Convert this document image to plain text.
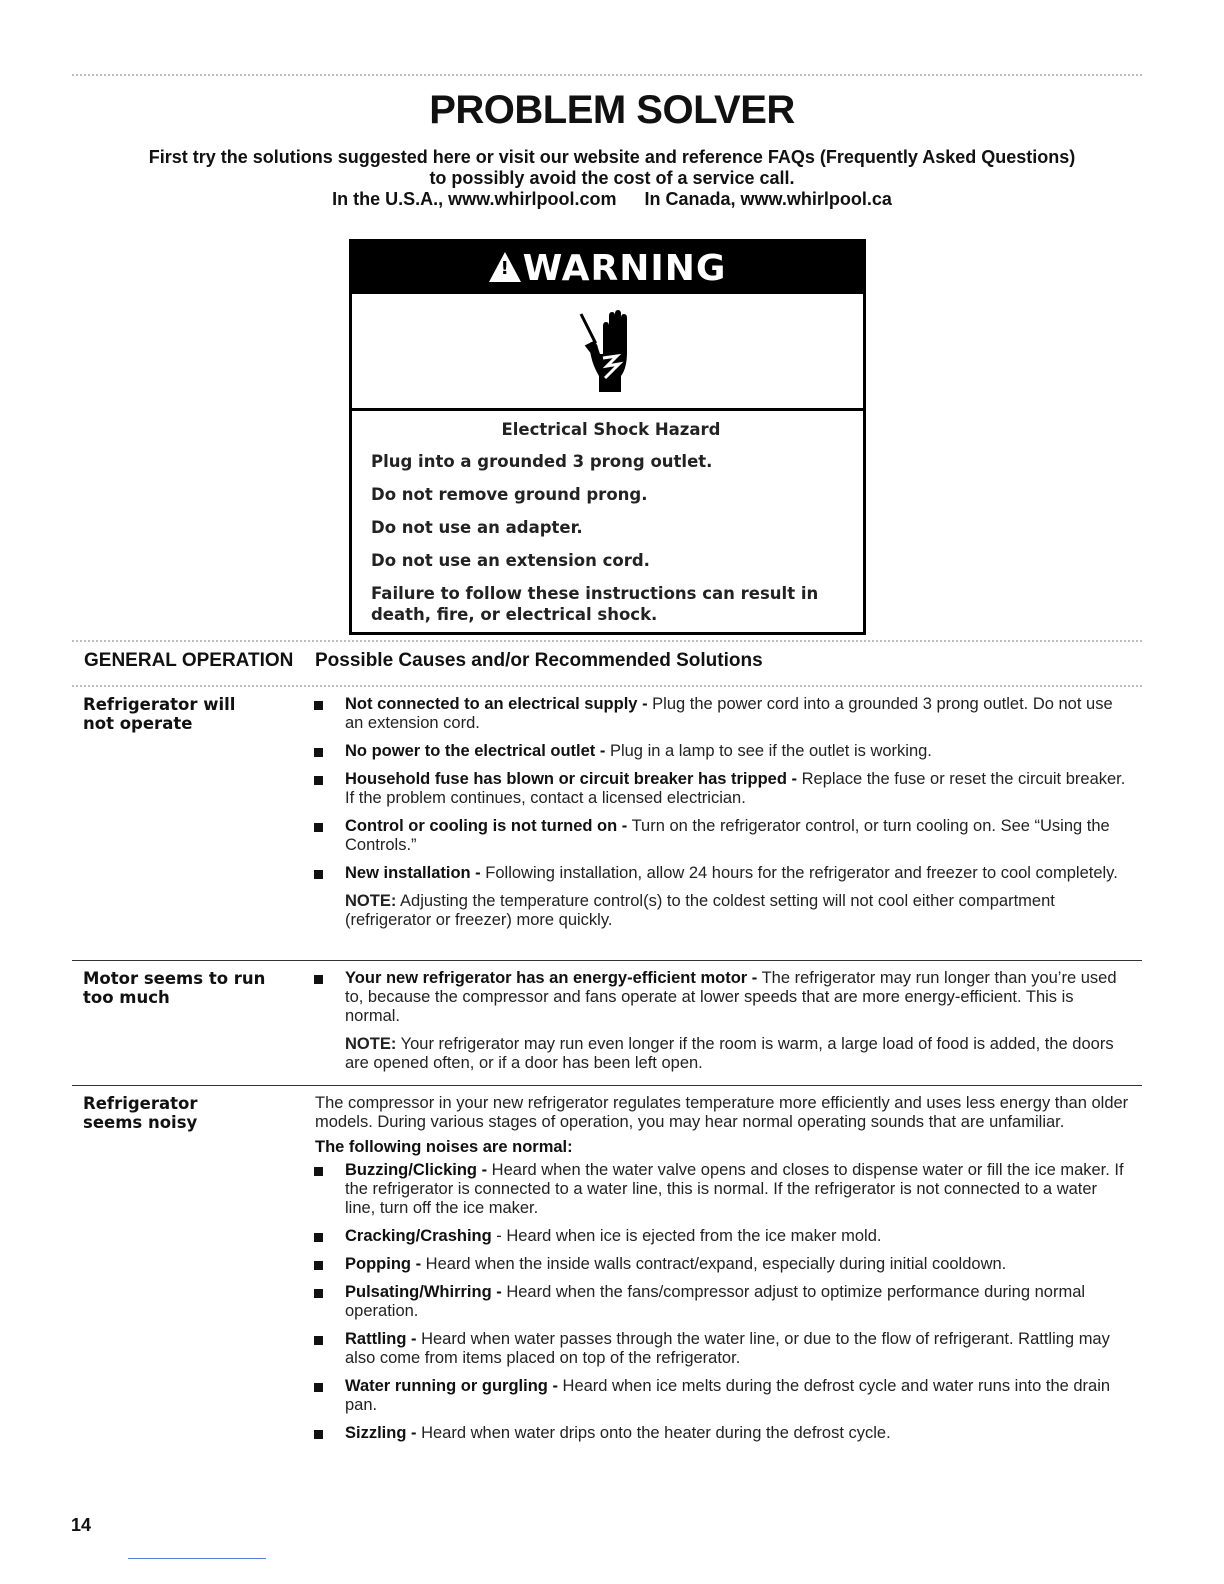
PROBLEM SOLVER
First try the solutions suggested here or visit our website and reference FAQs (Frequently Asked Questions)
to possibly avoid the cost of a service call.
In the U.S.A., www.whirlpool.com In Canada, www.whirlpool.ca
!WARNING
Electrical Shock Hazard

Plug into a grounded 3 prong outlet.

Do not remove ground prong.

Do not use an adapter.

Do not use an extension cord.

Failure to follow these instructions can result in death, fire, or electrical shock.

GENERAL OPERATION Possible Causes and/or Recommended Solutions
Refrigerator will
not operate
Not connected to an electrical supply - Plug the power cord into a grounded 3 prong outlet. Do not use an extension cord.
No power to the electrical outlet - Plug in a lamp to see if the outlet is working.
Household fuse has blown or circuit breaker has tripped - Replace the fuse or reset the circuit breaker. If the problem continues, contact a licensed electrician.
Control or cooling is not turned on - Turn on the refrigerator control, or turn cooling on. See “Using the Controls.”
New installation - Following installation, allow 24 hours for the refrigerator and freezer to cool completely.
NOTE: Adjusting the temperature control(s) to the coldest setting will not cool either compartment (refrigerator or freezer) more quickly.
Motor seems to run
too much
Your new refrigerator has an energy-efficient motor - The refrigerator may run longer than you’re used to, because the compressor and fans operate at lower speeds that are more energy-efficient. This is normal.
NOTE: Your refrigerator may run even longer if the room is warm, a large load of food is added, the doors are opened often, or if a door has been left open.
Refrigerator
seems noisy
The compressor in your new refrigerator regulates temperature more efficiently and uses less energy than older models. During various stages of operation, you may hear normal operating sounds that are unfamiliar.
The following noises are normal:
Buzzing/Clicking - Heard when the water valve opens and closes to dispense water or fill the ice maker. If the refrigerator is connected to a water line, this is normal. If the refrigerator is not connected to a water line, turn off the ice maker.
Cracking/Crashing - Heard when ice is ejected from the ice maker mold.
Popping - Heard when the inside walls contract/expand, especially during initial cooldown.
Pulsating/Whirring - Heard when the fans/compressor adjust to optimize performance during normal operation.
Rattling - Heard when water passes through the water line, or due to the flow of refrigerant. Rattling may also come from items placed on top of the refrigerator.
Water running or gurgling - Heard when ice melts during the defrost cycle and water runs into the drain pan.
Sizzling - Heard when water drips onto the heater during the defrost cycle.
14
